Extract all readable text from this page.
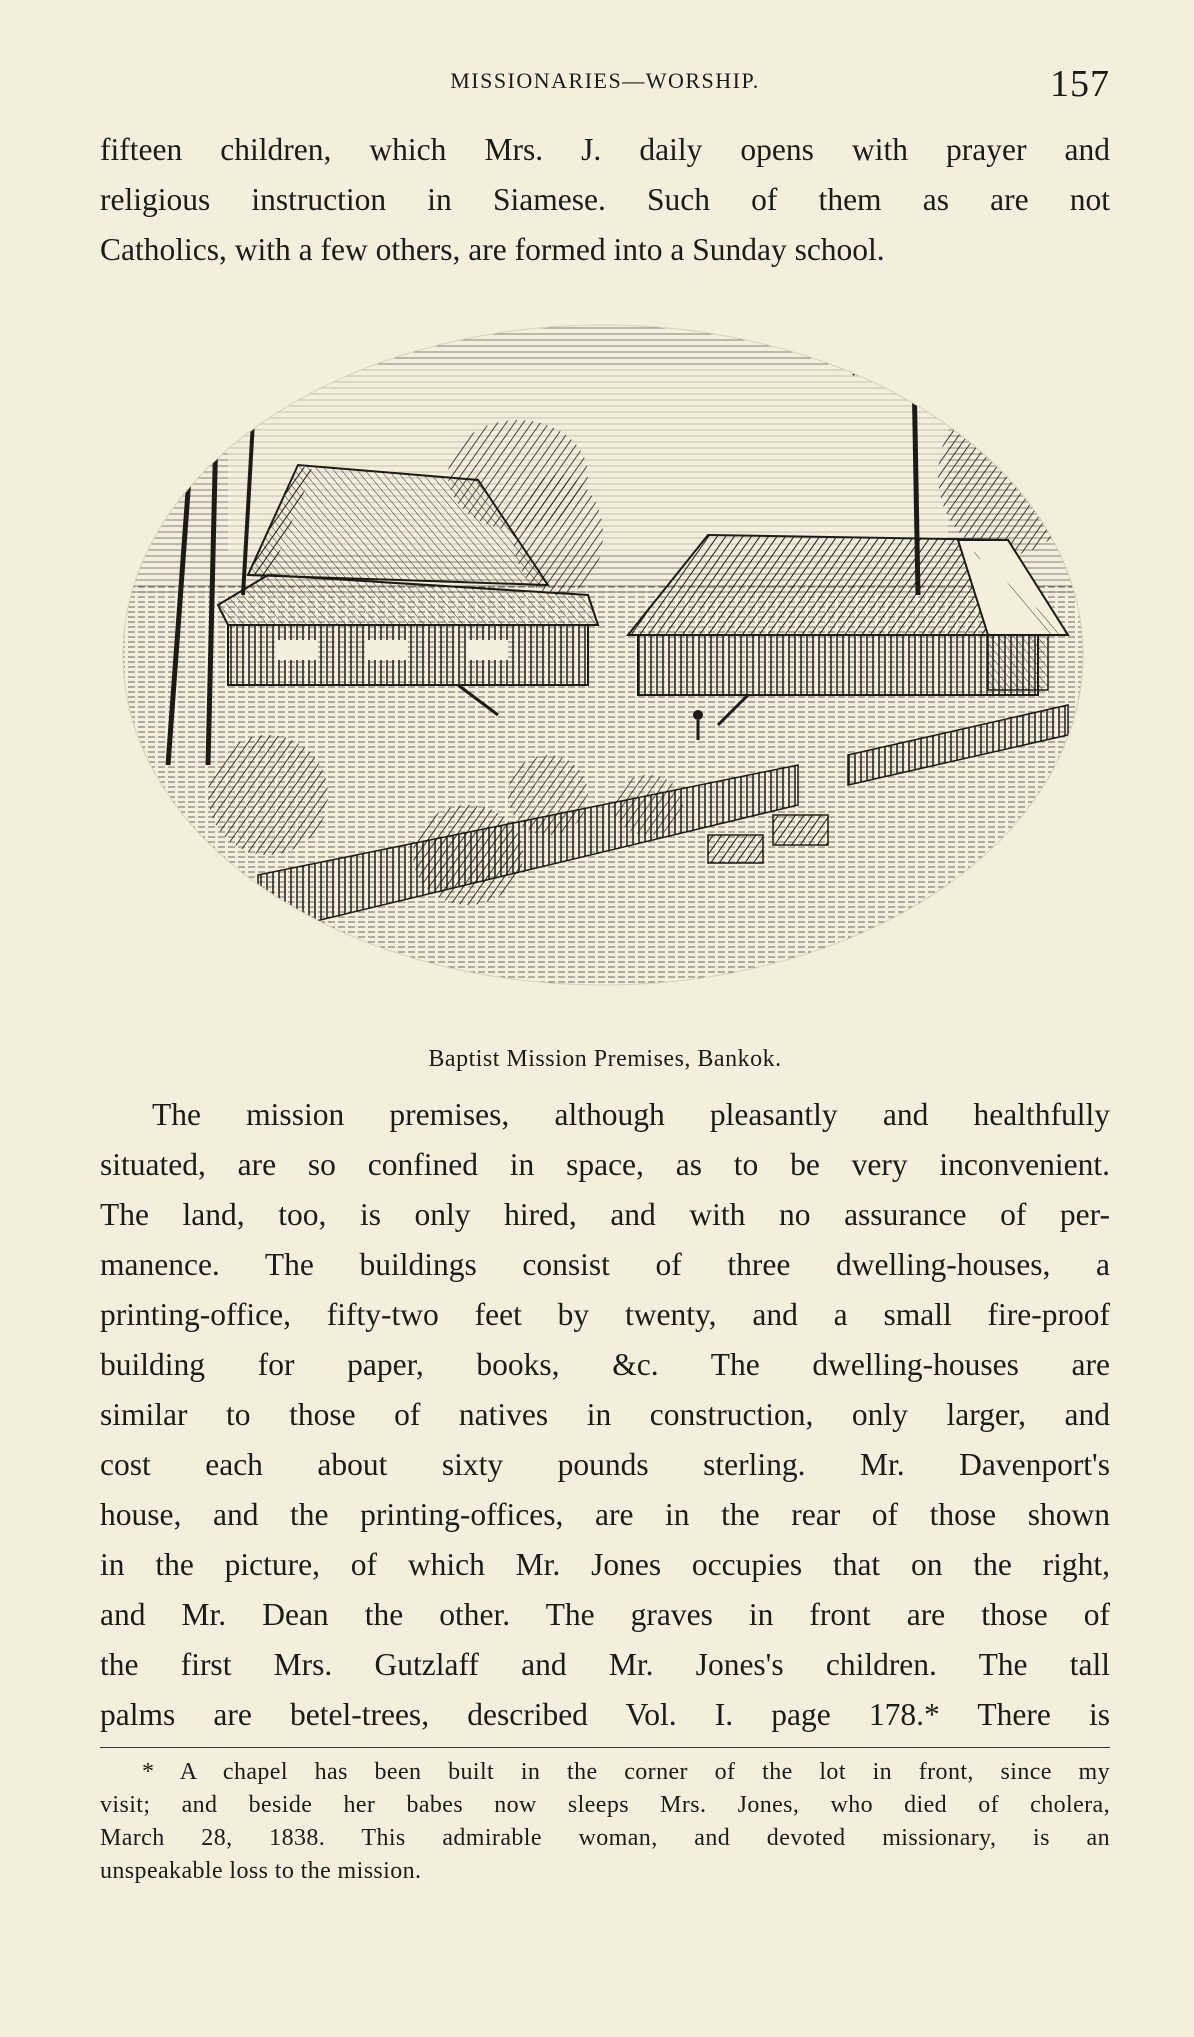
MISSIONARIES—WORSHIP.	157
fifteen children, which Mrs. J. daily opens with prayer and
religious instruction in Siamese. Such of them as are not
Catholics, with a few others, are formed into a Sunday school.
Baptist Mission Premises, Bankok.
The mission premises, although pleasantly and healthfully
situated, are so confined in space, as to be very inconvenient.
The land, too, is only hired, and with no assurance of per-
manence. The buildings consist of three dwelling-houses, a
printing-office, fifty-two feet by twenty, and a small fire-proof
building for paper, books, &c. The dwelling-houses are
similar to those of natives in construction, only larger, and
cost each about sixty pounds sterling. Mr. Davenport's
house, and the printing-offices, are in the rear of those shown
in the picture, of which Mr. Jones occupies that on the right,
and Mr. Dean the other. The graves in front are those of
the first Mrs. Gutzlaff and Mr. Jones's children. The tall
palms are betel-trees, described Vol. I. page 178.* There is
* A chapel has been built in the corner of the lot in front, since my
visit; and beside her babes now sleeps Mrs. Jones, who died of cholera,
March 28, 1838. This admirable woman, and devoted missionary, is an
unspeakable loss to the mission.
